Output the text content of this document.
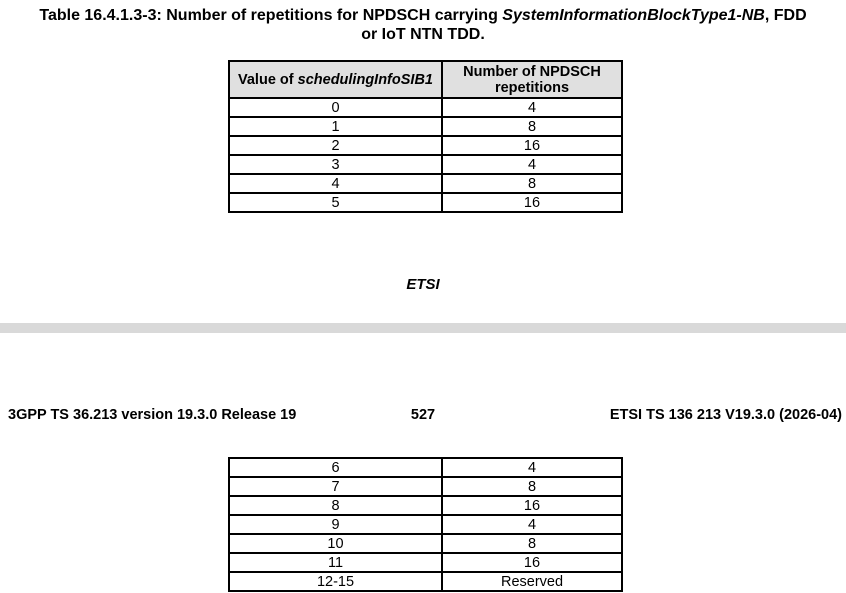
Table 16.4.1.3-3: Number of repetitions for NPDSCH carrying SystemInformationBlockType1-NB, FDD
or IoT NTN TDD.
Value of schedulingInfoSIB1	Number of NPDSCH
repetitions

0	4
1	8
2	16
3	4
4	8
5	16
ETSI
3GPP TS 36.213 version 19.3.0 Release 19	527	ETSI TS 136 213 V19.3.0 (2026-04)
6	4
7	8
8	16
9	4
10	8
11	16
12-15	Reserved
